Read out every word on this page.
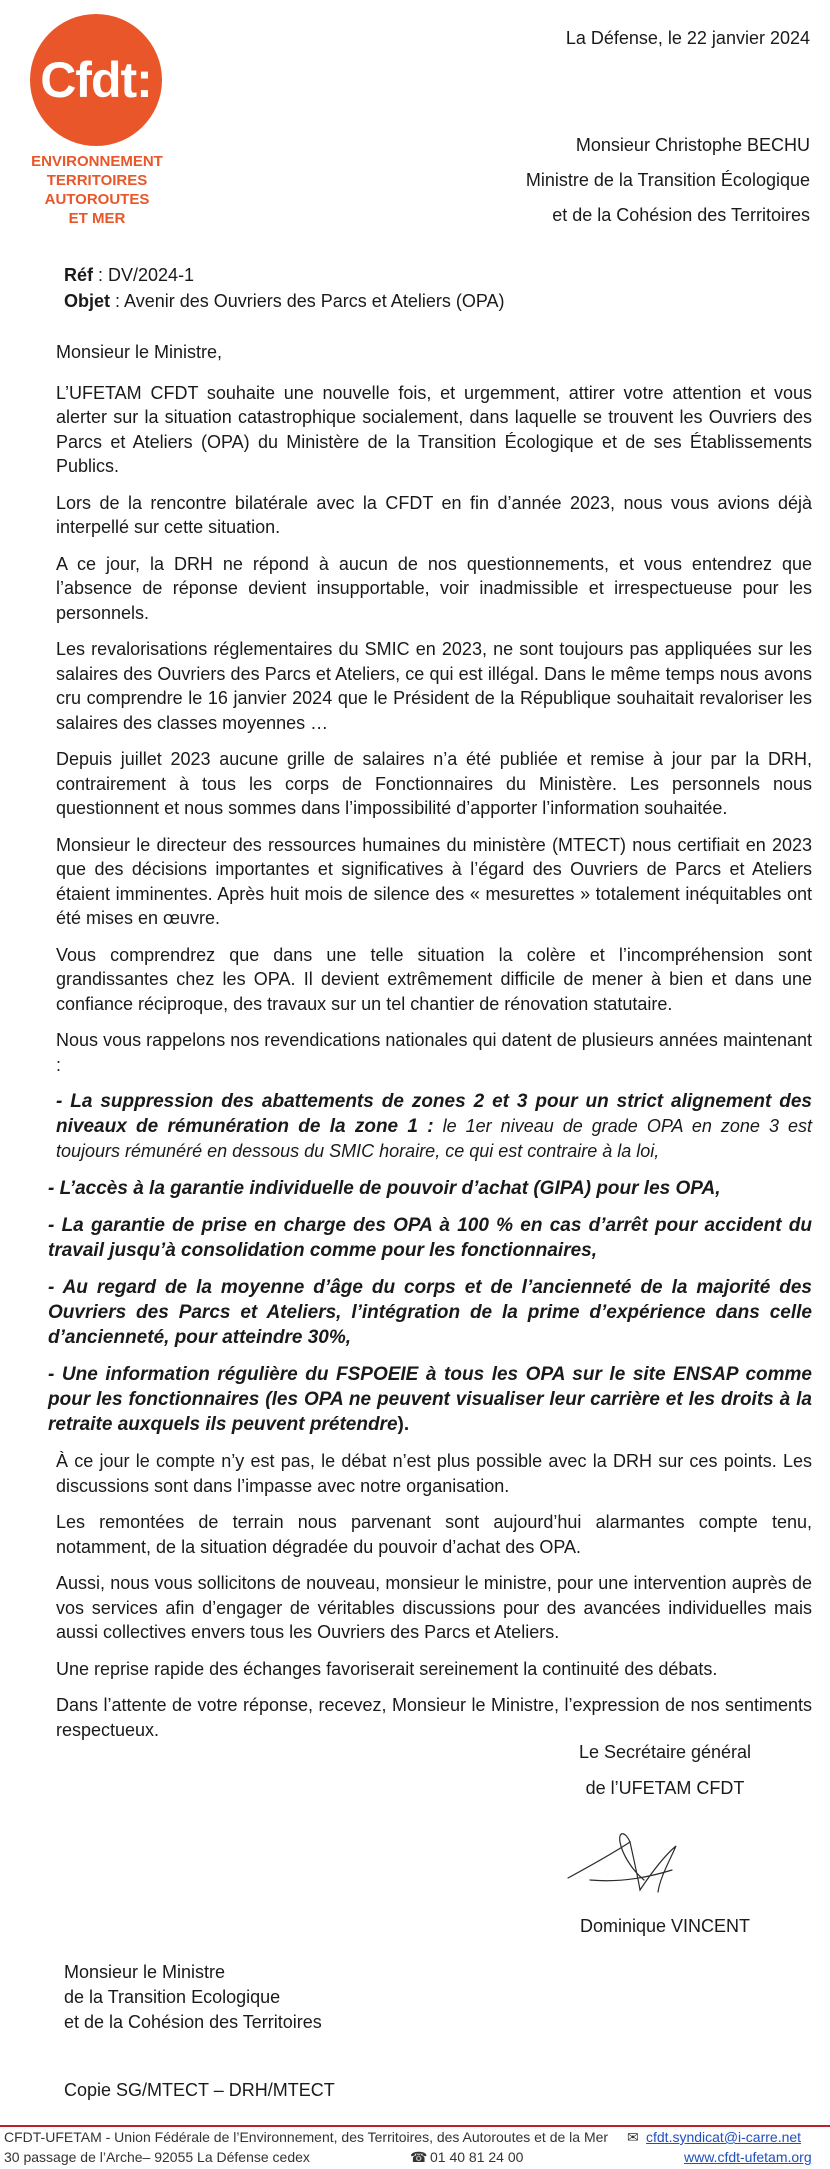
Cfdt:
ENVIRONNEMENT
TERRITOIRES
AUTOROUTES
ET MER
La Défense, le 22 janvier 2024
Monsieur Christophe BECHU
Ministre de la Transition Écologique
et de la Cohésion des Territoires
Réf : DV/2024-1
Objet : Avenir des Ouvriers des Parcs et Ateliers (OPA)

Monsieur le Ministre,

L’UFETAM CFDT souhaite une nouvelle fois, et urgemment, attirer votre attention et vous alerter sur la situation catastrophique socialement, dans laquelle se trouvent les Ouvriers des Parcs et Ateliers (OPA) du Ministère de la Transition Écologique et de ses Établissements Publics.

Lors de la rencontre bilatérale avec la CFDT en fin d’année 2023, nous vous avions déjà interpellé sur cette situation.

A ce jour, la DRH ne répond à aucun de nos questionnements, et vous entendrez que l’absence de réponse devient insupportable, voir inadmissible et irrespectueuse pour les personnels.

Les revalorisations réglementaires du SMIC en 2023, ne sont toujours pas appliquées sur les salaires des Ouvriers des Parcs et Ateliers, ce qui est illégal. Dans le même temps nous avons cru comprendre le 16 janvier 2024 que le Président de la République souhaitait revaloriser les salaires des classes moyennes …

Depuis juillet 2023 aucune grille de salaires n’a été publiée et remise à jour par la DRH, contrairement à tous les corps de Fonctionnaires du Ministère. Les personnels nous questionnent et nous sommes dans l’impossibilité d’apporter l’information souhaitée.

Monsieur le directeur des ressources humaines du ministère (MTECT) nous certifiait en 2023 que des décisions importantes et significatives à l’égard des Ouvriers de Parcs et Ateliers étaient imminentes. Après huit mois de silence des « mesurettes » totalement inéquitables ont été mises en œuvre.

Vous comprendrez que dans une telle situation la colère et l’incompréhension sont grandissantes chez les OPA. Il devient extrêmement difficile de mener à bien et dans une confiance réciproque, des travaux sur un tel chantier de rénovation statutaire.

Nous vous rappelons nos revendications nationales qui datent de plusieurs années maintenant :

- La suppression des abattements de zones 2 et 3 pour un strict alignement des niveaux de rémunération de la zone 1 : le 1er niveau de grade OPA en zone 3 est toujours rémunéré en dessous du SMIC horaire, ce qui est contraire à la loi,

- L’accès à la garantie individuelle de pouvoir d’achat (GIPA) pour les OPA,

- La garantie de prise en charge des OPA à 100 % en cas d’arrêt pour accident du travail jusqu’à consolidation comme pour les fonctionnaires,

- Au regard de la moyenne d’âge du corps et de l’ancienneté de la majorité des Ouvriers des Parcs et Ateliers, l’intégration de la prime d’expérience dans celle d’ancienneté, pour atteindre 30%,

- Une information régulière du FSPOEIE à tous les OPA sur le site ENSAP comme pour les fonctionnaires (les OPA ne peuvent visualiser leur carrière et les droits à la retraite auxquels ils peuvent prétendre).

À ce jour le compte n’y est pas, le débat n’est plus possible avec la DRH sur ces points. Les discussions sont dans l’impasse avec notre organisation.

Les remontées de terrain nous parvenant sont aujourd’hui alarmantes compte tenu, notamment, de la situation dégradée du pouvoir d’achat des OPA.

Aussi, nous vous sollicitons de nouveau, monsieur le ministre, pour une intervention auprès de vos services afin d’engager de véritables discussions pour des avancées individuelles mais aussi collectives envers tous les Ouvriers des Parcs et Ateliers.

Une reprise rapide des échanges favoriserait sereinement la continuité des débats.

Dans l’attente de votre réponse, recevez, Monsieur le Ministre, l’expression de nos sentiments respectueux.

Le Secrétaire général
de l’UFETAM CFDT
Dominique VINCENT
Monsieur le Ministre
de la Transition Ecologique
et de la Cohésion des Territoires
Copie SG/MTECT – DRH/MTECT
CFDT-UFETAM - Union Fédérale de l’Environnement, des Territoires, des Autoroutes et de la Mer ✉ cfdt.syndicat@i-carre.net
30 passage de l’Arche– 92055 La Défense cedex	☎ 01 40 81 24 00	www.cfdt-ufetam.org
